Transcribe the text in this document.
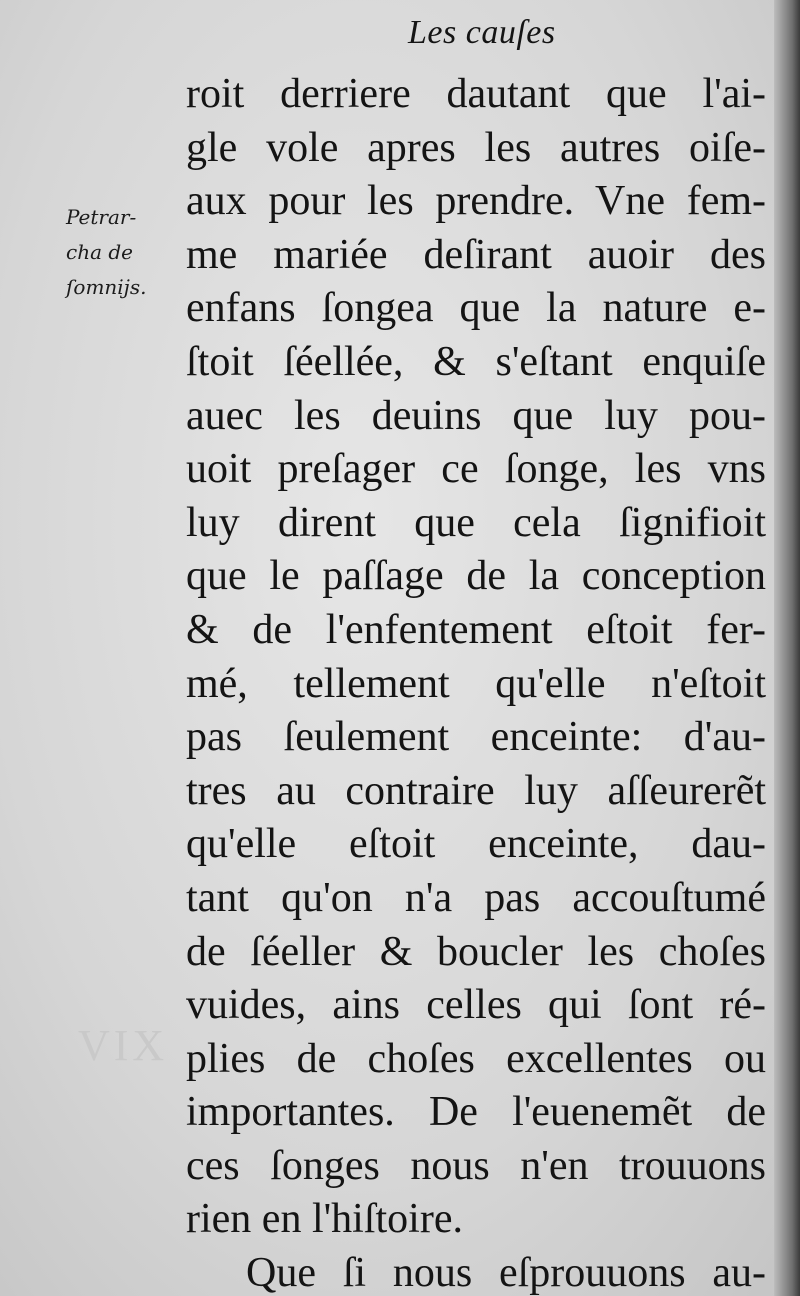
Les cauſes
Petrar-
cha de
ſomniјs.
VIX
roit derriere dautant que l'ai-
gle vole apres les autres oiſe-
aux pour les prendre. Vne fem-
me mariée deſirant auoir des
enfans ſongea que la nature e-
ſtoit ſéellée, & s'eſtant enquiſe
auec les deuins que luy pou-
uoit preſager ce ſonge, les vns
luy dirent que cela ſignifioit
que le paſſage de la conception
& de l'enfentement eſtoit fer-
mé, tellement qu'elle n'eſtoit
pas ſeulement enceinte: d'au-
tres au contraire luy aſſeurerẽt
qu'elle eſtoit enceinte, dau-
tant qu'on n'a pas accouſtumé
de ſéeller & boucler les choſes
vuides, ains celles qui ſont ré-
plies de choſes excellentes ou
importantes. De l'euenemẽt de
ces ſonges nous n'en trouuons
rien en l'hiſtoire.
Que ſi nous eſprouuons au-
